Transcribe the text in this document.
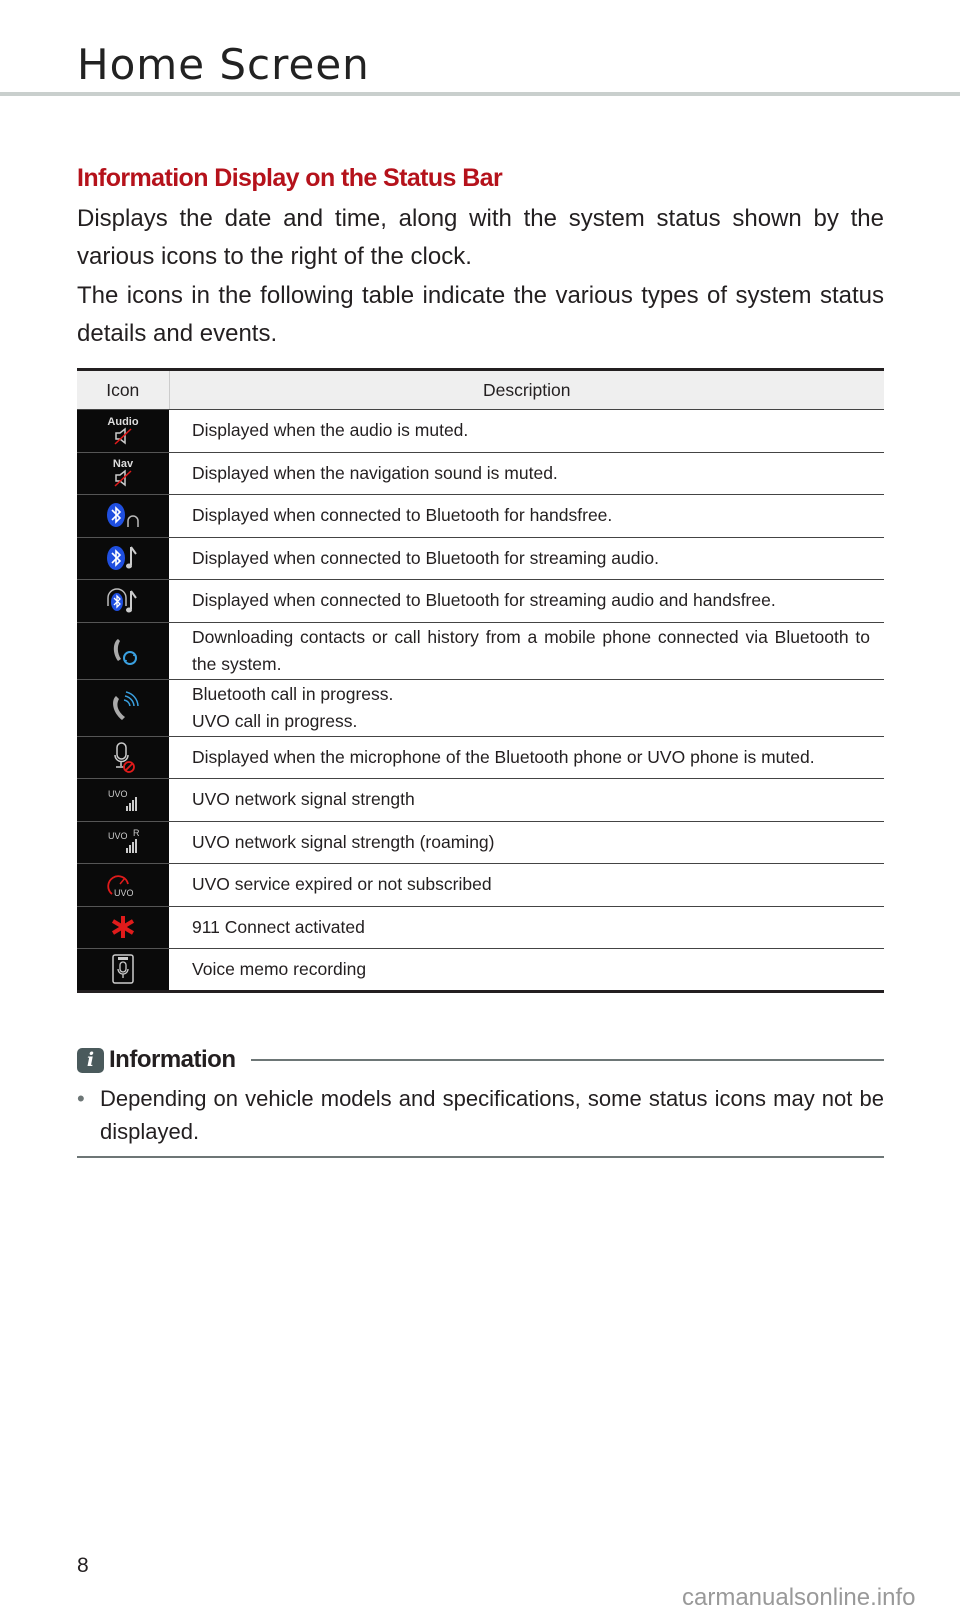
Home Screen
Information Display on the Status Bar

Displays the date and time, along with the system status shown by the various icons to the right of the clock.

The icons in the following table indicate the various types of system status details and events.

Icon	Description

Audio	Displayed when the audio is muted.

Nav	Displayed when the navigation sound is muted.

	Displayed when connected to Bluetooth for handsfree.

	Displayed when connected to Bluetooth for streaming audio.

	Displayed when connected to Bluetooth for streaming audio and handsfree.

	Downloading contacts or call history from a mobile phone connected via Bluetooth to the system.

	Bluetooth call in progress.
UVO call in progress.

	Displayed when the microphone of the Bluetooth phone or UVO phone is muted.

UVO	UVO network signal strength

UVO R	UVO network signal strength (roaming)

UVO	UVO service expired or not subscribed

	911 Connect activated

	Voice memo recording
i Information
• Depending on vehicle models and specifications, some status icons may not be displayed.
8
carmanualsonline.info
